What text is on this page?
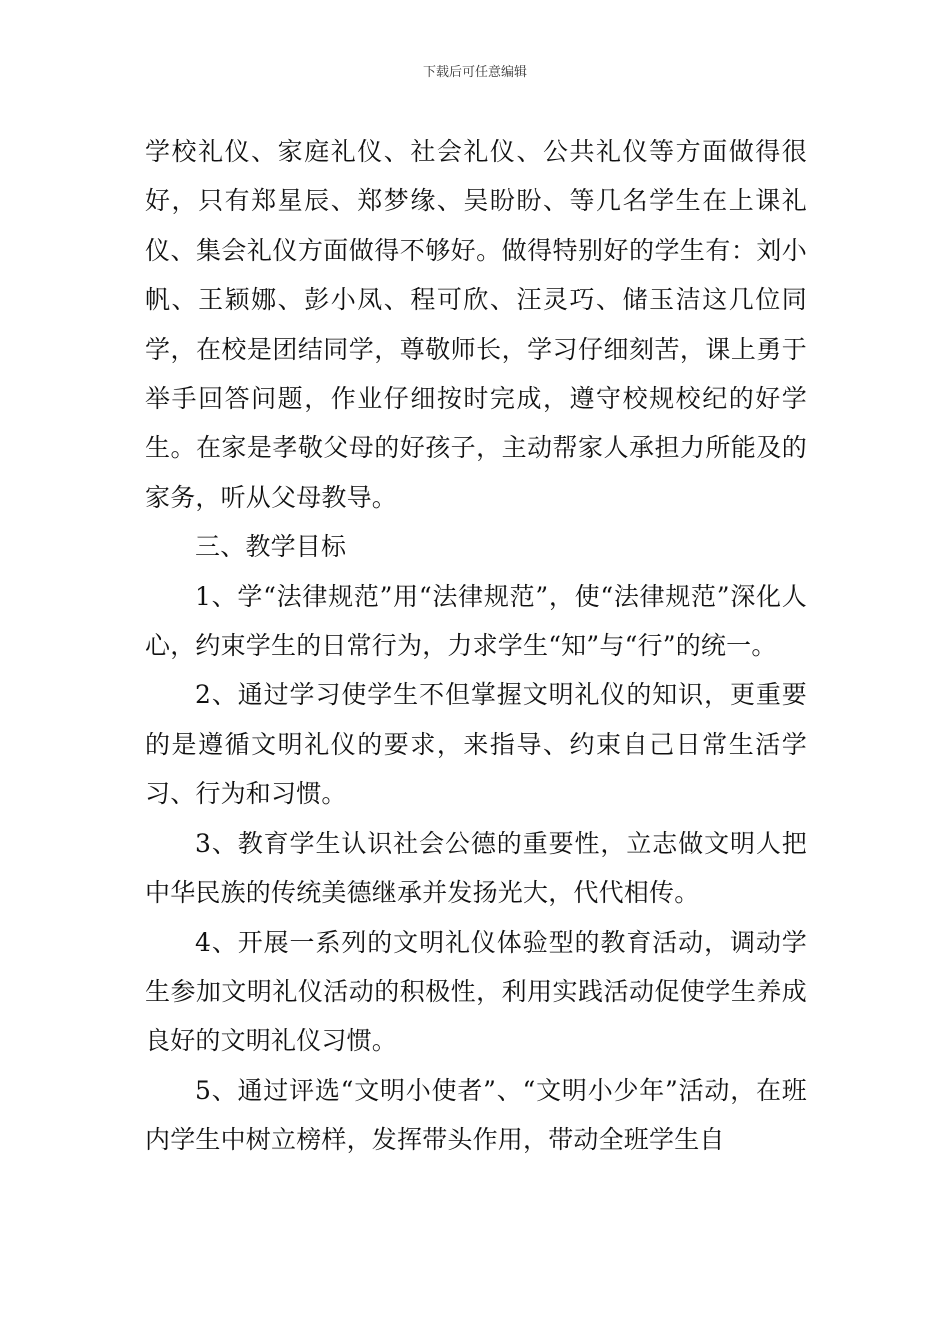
下载后可任意编辑

学校礼仪、家庭礼仪、社会礼仪、公共礼仪等方面做得很好，只有郑星辰、郑梦缘、吴盼盼、等几名学生在上课礼仪、集会礼仪方面做得不够好。做得特别好的学生有：刘小帆、王颖娜、彭小凤、程可欣、汪灵巧、储玉洁这几位同学，在校是团结同学，尊敬师长，学习仔细刻苦，课上勇于举手回答问题，作业仔细按时完成，遵守校规校纪的好学生。在家是孝敬父母的好孩子，主动帮家人承担力所能及的家务，听从父母教导。

三、教学目标

1、学“法律规范”用“法律规范”，使“法律规范”深化人心，约束学生的日常行为，力求学生“知”与“行”的统一。

2、通过学习使学生不但掌握文明礼仪的知识，更重要的是遵循文明礼仪的要求，来指导、约束自己日常生活学习、行为和习惯。

3、教育学生认识社会公德的重要性，立志做文明人把中华民族的传统美德继承并发扬光大，代代相传。

4、开展一系列的文明礼仪体验型的教育活动，调动学生参加文明礼仪活动的积极性，利用实践活动促使学生养成良好的文明礼仪习惯。

5、通过评选“文明小使者”、“文明小少年”活动，在班内学生中树立榜样，发挥带头作用，带动全班学生自
